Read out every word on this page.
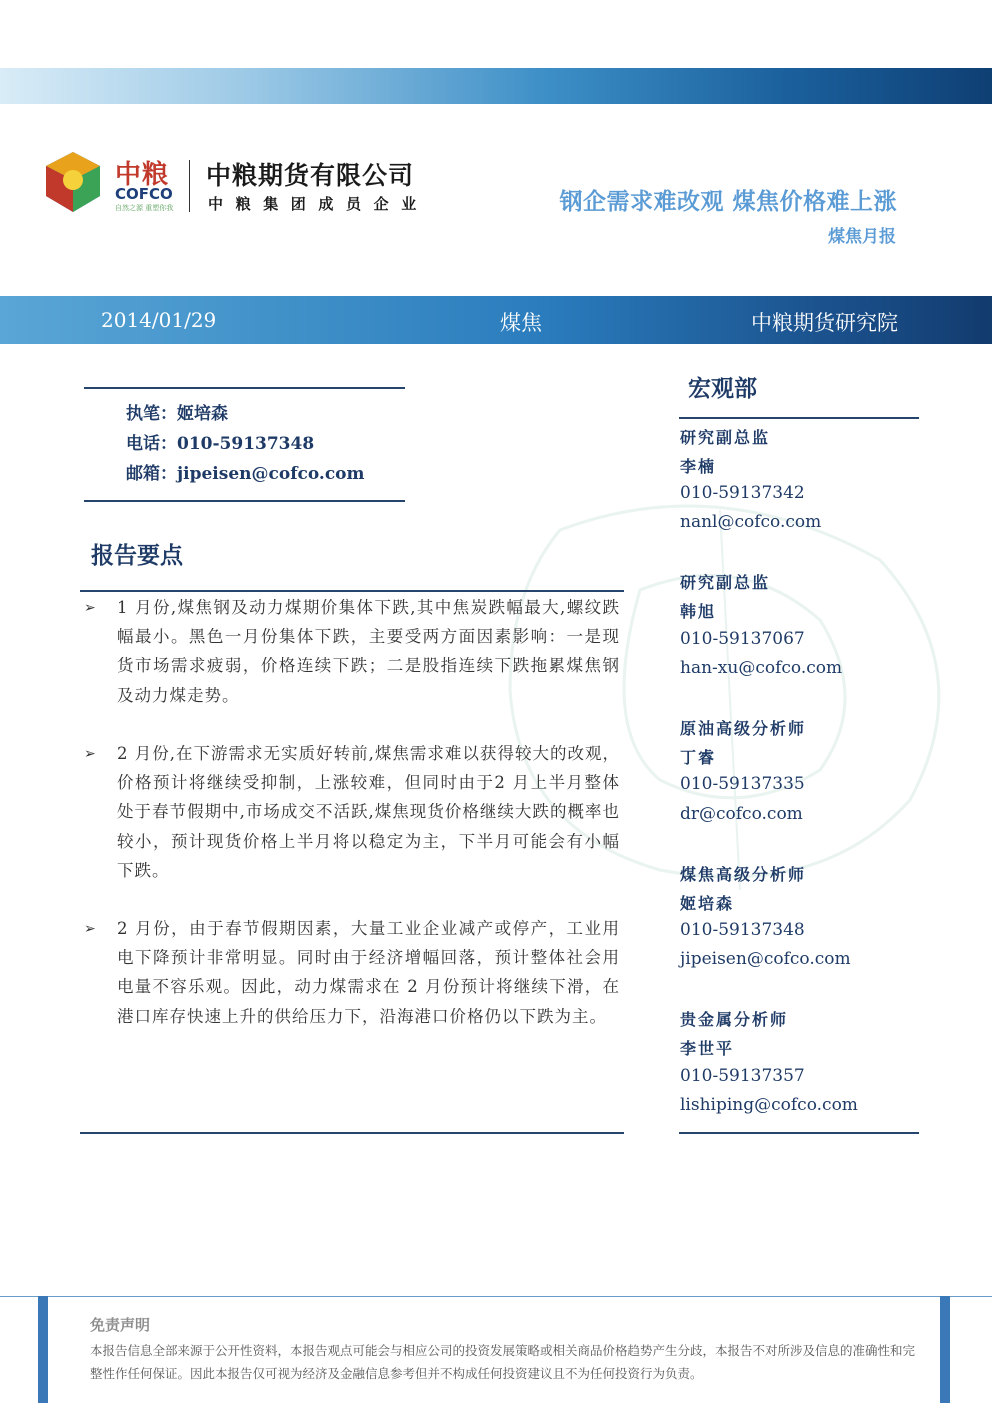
中粮
COFCO
自然之源 重塑你我
中粮期货有限公司
中粮集团成员企业	钢企需求难改观 煤焦价格难上涨
煤焦月报
2014/01/29	煤焦	中粮期货研究院
执笔：姬培森
电话：010-59137348
邮箱：jipeisen@cofco.com
报告要点
➢ 1 月份,煤焦钢及动力煤期价集体下跌,其中焦炭跌幅最大,螺纹跌幅最小。黑色一月份集体下跌，主要受两方面因素影响：一是现货市场需求疲弱，价格连续下跌；二是股指连续下跌拖累煤焦钢及动力煤走势。
➢ 2 月份,在下游需求无实质好转前,煤焦需求难以获得较大的改观，价格预计将继续受抑制，上涨较难，但同时由于2 月上半月整体处于春节假期中,市场成交不活跃,煤焦现货价格继续大跌的概率也较小，预计现货价格上半月将以稳定为主，下半月可能会有小幅下跌。
➢ 2 月份，由于春节假期因素，大量工业企业减产或停产，工业用电下降预计非常明显。同时由于经济增幅回落，预计整体社会用电量不容乐观。因此，动力煤需求在 2 月份预计将继续下滑，在港口库存快速上升的供给压力下，沿海港口价格仍以下跌为主。
宏观部
研究副总监
李楠
010-59137342
nanl@cofco.com
研究副总监
韩旭
010-59137067
han-xu@cofco.com
原油高级分析师
丁睿
010-59137335
dr@cofco.com
煤焦高级分析师
姬培森
010-59137348
jipeisen@cofco.com
贵金属分析师
李世平
010-59137357
lishiping@cofco.com
免责声明
本报告信息全部来源于公开性资料，本报告观点可能会与相应公司的投资发展策略或相关商品价格趋势产生分歧，本报告不对所涉及信息的准确性和完整性作任何保证。因此本报告仅可视为经济及金融信息参考但并不构成任何投资建议且不为任何投资行为负责。
